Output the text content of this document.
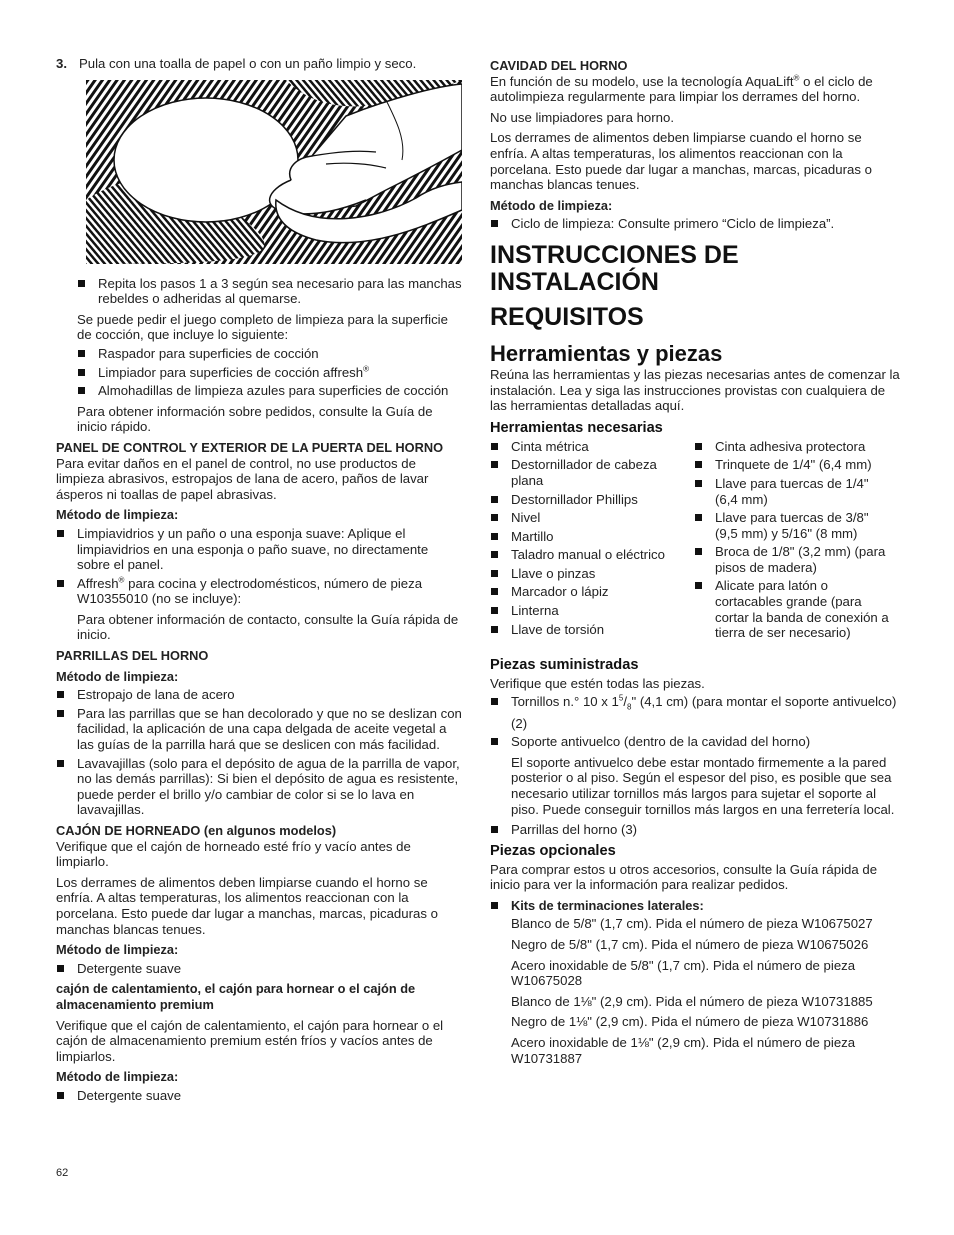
3. Pula con una toalla de papel o con un paño limpio y seco.
Repita los pasos 1 a 3 según sea necesario para las manchas rebeldes o adheridas al quemarse.

Se puede pedir el juego completo de limpieza para la superficie de cocción, que incluye lo siguiente:

Raspador para superficies de cocción
Limpiador para superficies de cocción affresh®
Almohadillas de limpieza azules para superficies de cocción

Para obtener información sobre pedidos, consulte la Guía de inicio rápido.

PANEL DE CONTROL Y EXTERIOR DE LA PUERTA DEL HORNO

Para evitar daños en el panel de control, no use productos de limpieza abrasivos, estropajos de lana de acero, paños de lavar ásperos ni toallas de papel abrasivas.

Método de limpieza:
Limpiavidrios y un paño o una esponja suave: Aplique el limpiavidrios en una esponja o paño suave, no directamente sobre el panel.
Affresh® para cocina y electrodomésticos, número de pieza W10355010 (no se incluye):

Para obtener información de contacto, consulte la Guía rápida de inicio.

PARRILLAS DEL HORNO
Método de limpieza:
Estropajo de lana de acero
Para las parrillas que se han decolorado y que no se deslizan con facilidad, la aplicación de una capa delgada de aceite vegetal a las guías de la parrilla hará que se deslicen con más facilidad.
Lavavajillas (solo para el depósito de agua de la parrilla de vapor, no las demás parrillas): Si bien el depósito de agua es resistente, puede perder el brillo y/o cambiar de color si se lo lava en lavavajillas.
CAJÓN DE HORNEADO (en algunos modelos)

Verifique que el cajón de horneado esté frío y vacío antes de limpiarlo.

Los derrames de alimentos deben limpiarse cuando el horno se enfría. A altas temperaturas, los alimentos reaccionan con la porcelana. Esto puede dar lugar a manchas, marcas, picaduras o manchas blancas tenues.

Método de limpieza:
Detergente suave
cajón de calentamiento, el cajón para hornear o el cajón de almacenamiento premium

Verifique que el cajón de calentamiento, el cajón para hornear o el cajón de almacenamiento premium estén fríos y vacíos antes de limpiarlos.

Método de limpieza:
Detergente suave
CAVIDAD DEL HORNO

En función de su modelo, use la tecnología AquaLift® o el ciclo de autolimpieza regularmente para limpiar los derrames del horno.

No use limpiadores para horno.

Los derrames de alimentos deben limpiarse cuando el horno se enfría. A altas temperaturas, los alimentos reaccionan con la porcelana. Esto puede dar lugar a manchas, marcas, picaduras o manchas blancas tenues.

Método de limpieza:
Ciclo de limpieza: Consulte primero “Ciclo de limpieza”.
INSTRUCCIONES DE INSTALACIÓN
REQUISITOS
Herramientas y piezas

Reúna las herramientas y las piezas necesarias antes de comenzar la instalación. Lea y siga las instrucciones provistas con cualquiera de las herramientas detalladas aquí.

Herramientas necesarias
Cinta métrica
Destornillador de cabeza plana
Destornillador Phillips
Nivel
Martillo
Taladro manual o eléctrico
Llave o pinzas
Marcador o lápiz
Linterna
Llave de torsión
Cinta adhesiva protectora
Trinquete de 1/4" (6,4 mm)
Llave para tuercas de 1/4" (6,4 mm)
Llave para tuercas de 3/8" (9,5 mm) y 5/16" (8 mm)
Broca de 1/8" (3,2 mm) (para pisos de madera)
Alicate para latón o cortacables grande (para cortar la banda de conexión a tierra de ser necesario)
Piezas suministradas

Verifique que estén todas las piezas.

Tornillos n.° 10 x $1^5/_8$" (4,1 cm) (para montar el soporte antivuelco) (2)
Soporte antivuelco (dentro de la cavidad del horno)

El soporte antivuelco debe estar montado firmemente a la pared posterior o al piso. Según el espesor del piso, es posible que sea necesario utilizar tornillos más largos para sujetar el soporte al piso. Puede conseguir tornillos más largos en una ferretería local.

Parrillas del horno (3)
Piezas opcionales

Para comprar estos u otros accesorios, consulte la Guía rápida de inicio para ver la información para realizar pedidos.

Kits de terminaciones laterales:

Blanco de 5/8" (1,7 cm). Pida el número de pieza W10675027

Negro de 5/8" (1,7 cm). Pida el número de pieza W10675026

Acero inoxidable de 5/8" (1,7 cm). Pida el número de pieza W10675028

Blanco de 1⅛" (2,9 cm). Pida el número de pieza W10731885

Negro de 1⅛" (2,9 cm). Pida el número de pieza W10731886

Acero inoxidable de 1⅛" (2,9 cm). Pida el número de pieza W10731887

62
